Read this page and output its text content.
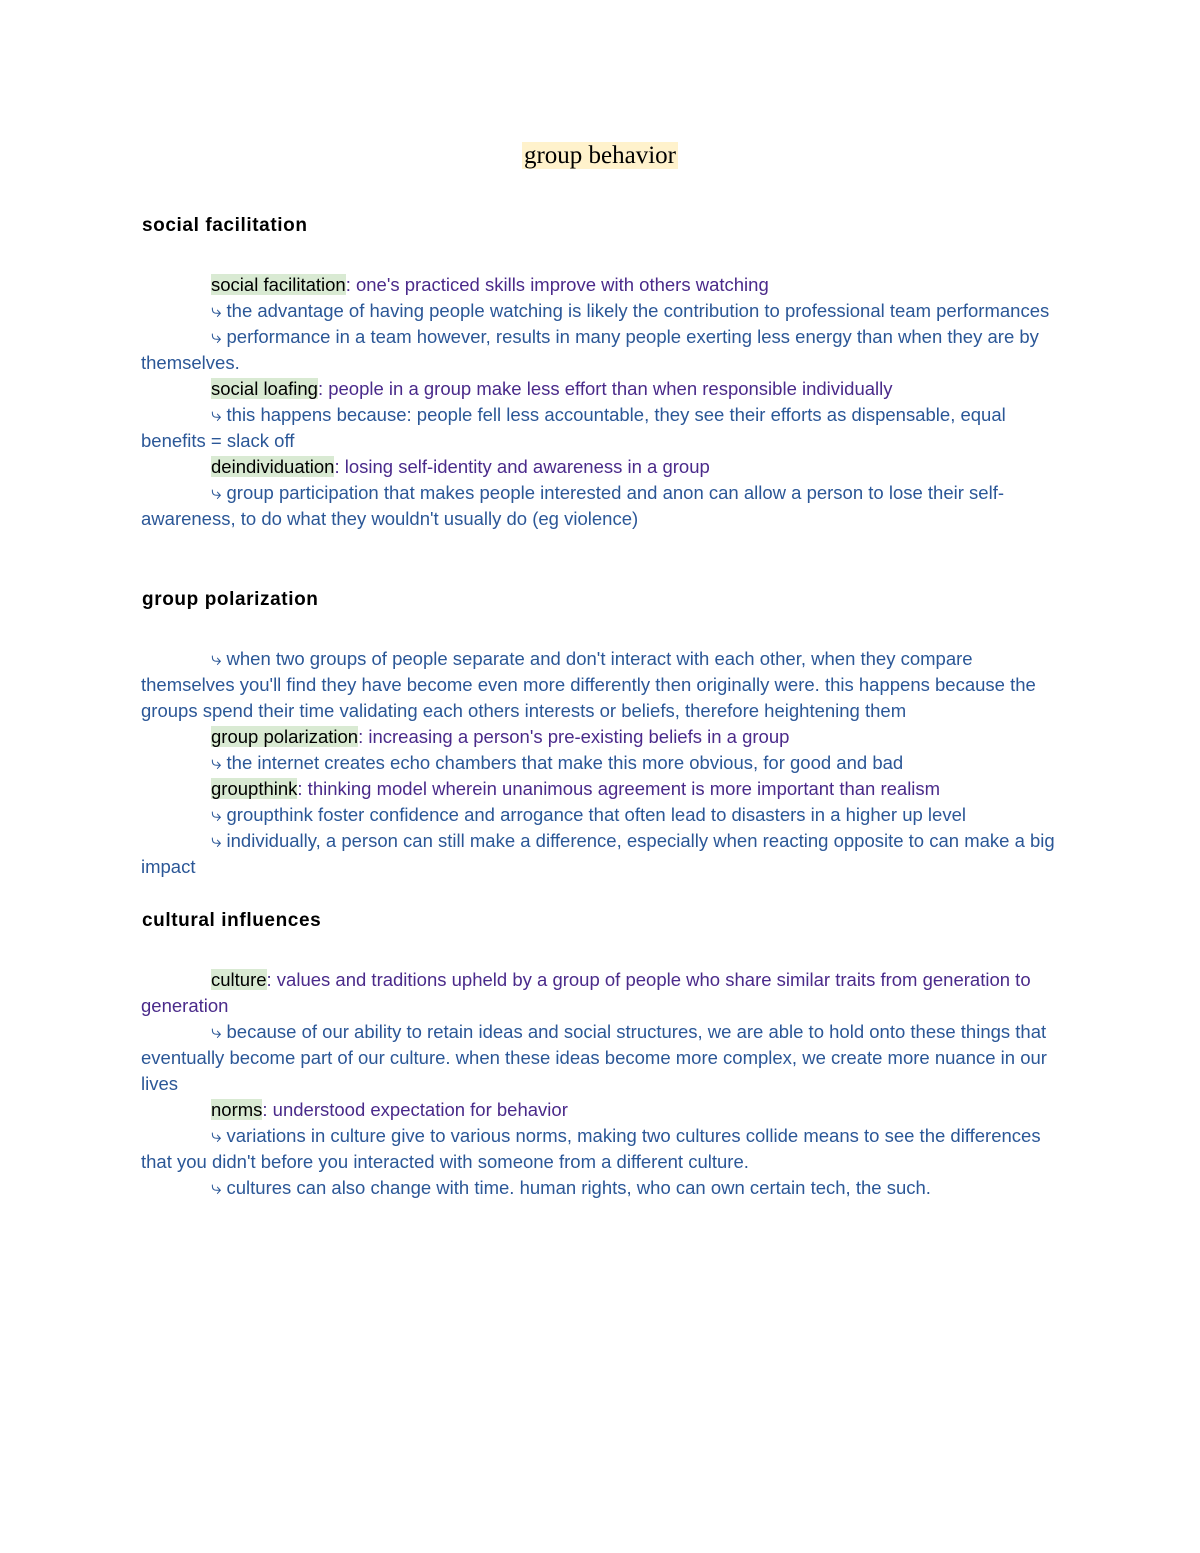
group behavior
social facilitation

social facilitation: one's practiced skills improve with others watching

⤷ the advantage of having people watching is likely the contribution to professional team performances

⤷ performance in a team however, results in many people exerting less energy than when they are by themselves.

social loafing: people in a group make less effort than when responsible individually

⤷ this happens because: people fell less accountable, they see their efforts as dispensable, equal benefits = slack off

deindividuation: losing self-identity and awareness in a group

⤷ group participation that makes people interested and anon can allow a person to lose their self-awareness, to do what they wouldn't usually do (eg violence)

group polarization

⤷ when two groups of people separate and don't interact with each other, when they compare themselves you'll find they have become even more differently then originally were. this happens because the groups spend their time validating each others interests or beliefs, therefore heightening them

group polarization: increasing a person's pre-existing beliefs in a group

⤷ the internet creates echo chambers that make this more obvious, for good and bad

groupthink: thinking model wherein unanimous agreement is more important than realism

⤷ groupthink foster confidence and arrogance that often lead to disasters in a higher up level

⤷ individually, a person can still make a difference, especially when reacting opposite to can make a big impact

cultural influences

culture: values and traditions upheld by a group of people who share similar traits from generation to generation

⤷ because of our ability to retain ideas and social structures, we are able to hold onto these things that eventually become part of our culture. when these ideas become more complex, we create more nuance in our lives

norms: understood expectation for behavior

⤷ variations in culture give to various norms, making two cultures collide means to see the differences that you didn't before you interacted with someone from a different culture.

⤷ cultures can also change with time. human rights, who can own certain tech, the such.
